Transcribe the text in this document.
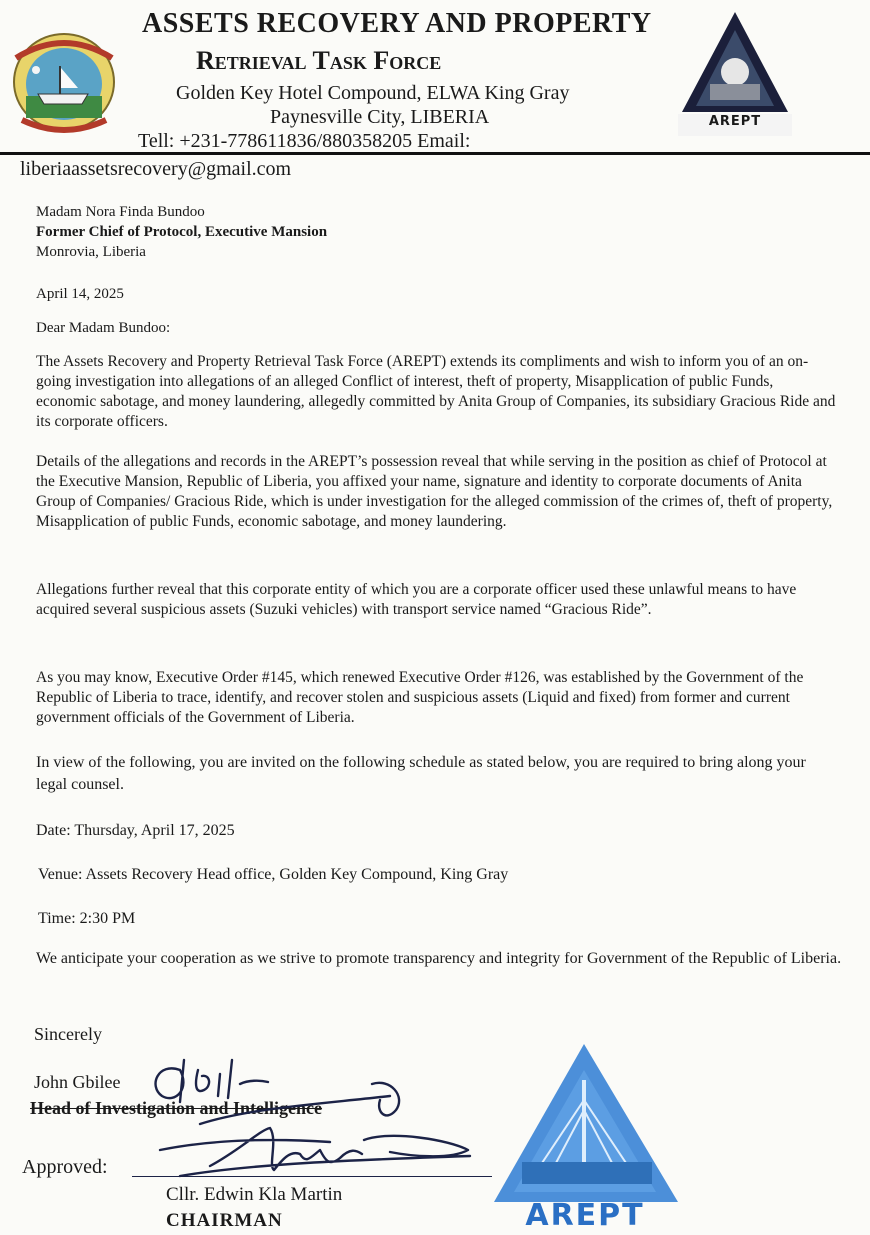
ASSETS RECOVERY AND PROPERTY
Retrieval Task Force
Golden Key Hotel Compound, ELWA King Gray
Paynesville City, LIBERIA
Tell: +231-778611836/880358205 Email:
AREPT
liberiaassetsrecovery@gmail.com
Madam Nora Finda Bundoo
Former Chief of Protocol, Executive Mansion
Monrovia, Liberia
April 14, 2025
Dear Madam Bundoo:
The Assets Recovery and Property Retrieval Task Force (AREPT) extends its compliments and wish to inform you of an on-going investigation into allegations of an alleged Conflict of interest, theft of property, Misapplication of public Funds, economic sabotage, and money laundering, allegedly committed by Anita Group of Companies, its subsidiary Gracious Ride and its corporate officers.
Details of the allegations and records in the AREPT’s possession reveal that while serving in the position as chief of Protocol at the Executive Mansion, Republic of Liberia, you affixed your name, signature and identity to corporate documents of Anita Group of Companies/ Gracious Ride, which is under investigation for the alleged commission of the crimes of, theft of property, Misapplication of public Funds, economic sabotage, and money laundering.
Allegations further reveal that this corporate entity of which you are a corporate officer used these unlawful means to have acquired several suspicious assets (Suzuki vehicles) with transport service named “Gracious Ride”.
As you may know, Executive Order #145, which renewed Executive Order #126, was established by the Government of the Republic of Liberia to trace, identify, and recover stolen and suspicious assets (Liquid and fixed) from former and current government officials of the Government of Liberia.
In view of the following, you are invited on the following schedule as stated below, you are required to bring along your legal counsel.
Date: Thursday, April 17, 2025
Venue: Assets Recovery Head office, Golden Key Compound, King Gray
Time: 2:30 PM
We anticipate your cooperation as we strive to promote transparency and integrity for Government of the Republic of Liberia.
Sincerely
John Gbilee
Head of Investigation and Intelligence
Approved:
Cllr. Edwin Kla Martin
CHAIRMAN	AREPT
